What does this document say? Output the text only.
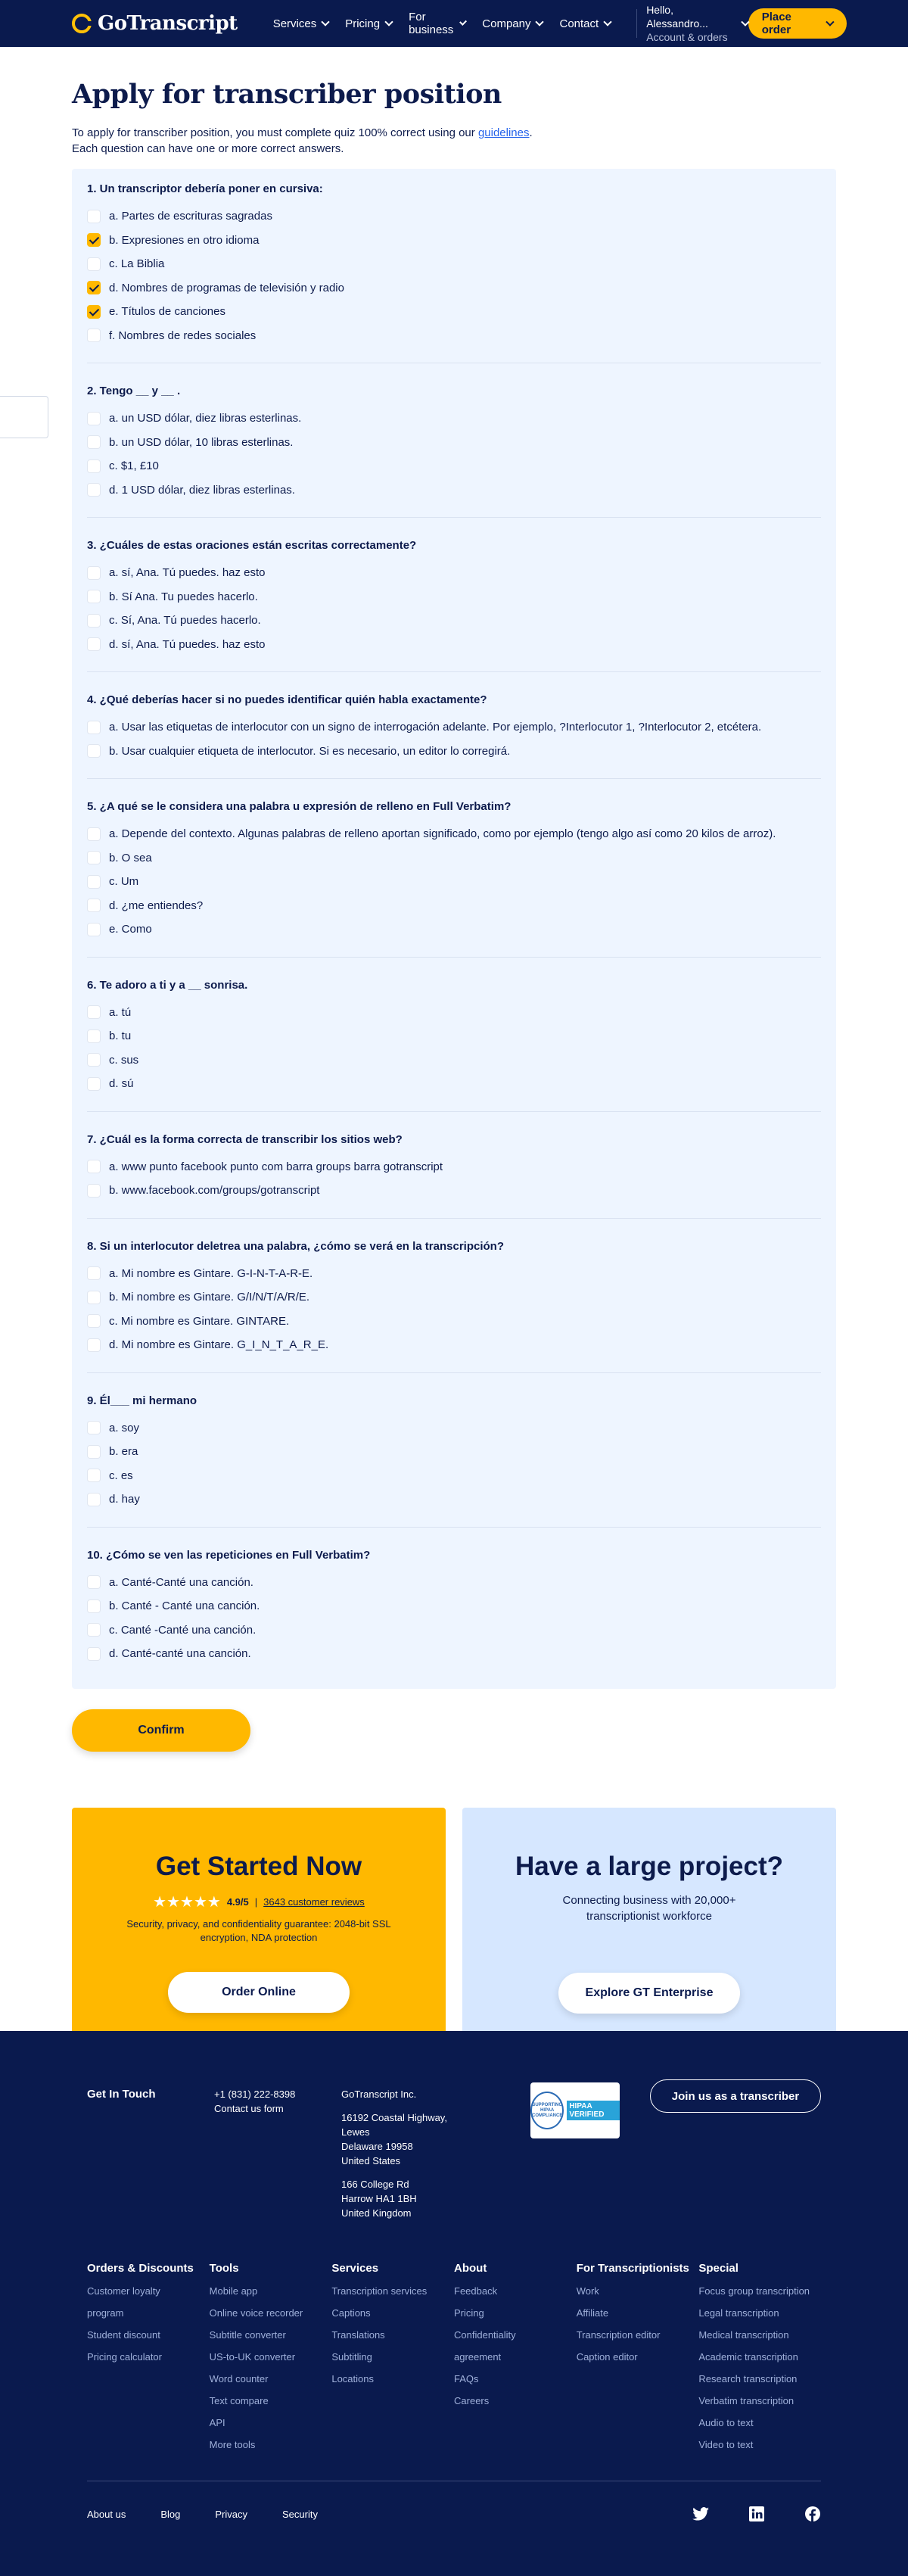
GoTranscript	Services	Pricing	For business	Company	Contact
Hello, Alessandro...
Account & orders
Place order
Apply for transcriber position
To apply for transcriber position, you must complete quiz 100% correct using our guidelines.
Each question can have one or more correct answers.
1. Un transcriptor debería poner en cursiva:
a. Partes de escrituras sagradas
b. Expresiones en otro idioma
c. La Biblia
d. Nombres de programas de televisión y radio
e. Títulos de canciones
f. Nombres de redes sociales
2. Tengo __ y __ .
a. un USD dólar, diez libras esterlinas.
b. un USD dólar, 10 libras esterlinas.
c. $1, £10
d. 1 USD dólar, diez libras esterlinas.
3. ¿Cuáles de estas oraciones están escritas correctamente?
a. sí, Ana. Tú puedes. haz esto
b. Sí Ana. Tu puedes hacerlo.
c. Sí, Ana. Tú puedes hacerlo.
d. sí, Ana. Tú puedes. haz esto
4. ¿Qué deberías hacer si no puedes identificar quién habla exactamente?
a. Usar las etiquetas de interlocutor con un signo de interrogación adelante. Por ejemplo, ?Interlocutor 1, ?Interlocutor 2, etcétera.
b. Usar cualquier etiqueta de interlocutor. Si es necesario, un editor lo corregirá.
5. ¿A qué se le considera una palabra u expresión de relleno en Full Verbatim?
a. Depende del contexto. Algunas palabras de relleno aportan significado, como por ejemplo (tengo algo así como 20 kilos de arroz).
b. O sea
c. Um
d. ¿me entiendes?
e. Como
6. Te adoro a ti y a __ sonrisa.
a. tú
b. tu
c. sus
d. sú
7. ¿Cuál es la forma correcta de transcribir los sitios web?
a. www punto facebook punto com barra groups barra gotranscript
b. www.facebook.com/groups/gotranscript
8. Si un interlocutor deletrea una palabra, ¿cómo se verá en la transcripción?
a. Mi nombre es Gintare. G-I-N-T-A-R-E.
b. Mi nombre es Gintare. G/I/N/T/A/R/E.
c. Mi nombre es Gintare. GINTARE.
d. Mi nombre es Gintare. G_I_N_T_A_R_E.
9. Él___ mi hermano
a. soy
b. era
c. es
d. hay
10. ¿Cómo se ven las repeticiones en Full Verbatim?
a. Canté-Canté una canción.
b. Canté - Canté una canción.
c. Canté -Canté una canción.
d. Canté-canté una canción.
Confirm
Get Started Now
★★★★★ 4.9/5 | 3643 customer reviews
Security, privacy, and confidentiality guarantee: 2048-bit SSL encryption, NDA protection
Order Online
Have a large project?
Connecting business with 20,000+ transcriptionist workforce
Explore GT Enterprise
Get In Touch	+1 (831) 222-8398
Contact us form
GoTranscript Inc.
16192 Coastal Highway, Lewes
Delaware 19958
United States
166 College Rd
Harrow HA1 1BH
United Kingdom
SUPPORTING HIPAA COMPLIANCE
HIPAA VERIFIED
Join us as a transcriber
Orders & Discounts
Customer loyalty program
Student discount
Pricing calculator
Tools
Mobile app
Online voice recorder
Subtitle converter
US-to-UK converter
Word counter
Text compare
API
More tools
Services
Transcription services
Captions
Translations
Subtitling
Locations
About
Feedback
Pricing
Confidentiality agreement
FAQs
Careers
For Transcriptionists
Work
Affiliate
Transcription editor
Caption editor
Special
Focus group transcription
Legal transcription
Medical transcription
Academic transcription
Research transcription
Verbatim transcription
Audio to text
Video to text
About us	Blog	Privacy	Security
